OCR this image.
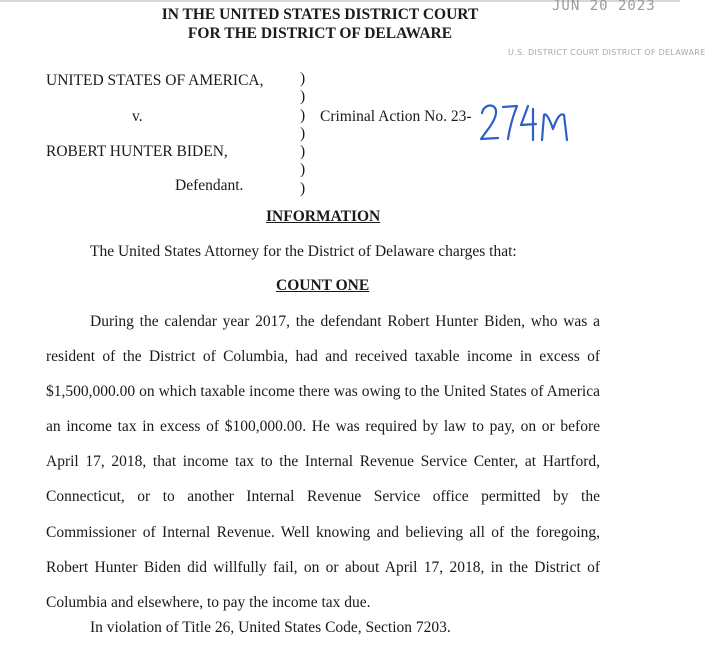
IN THE UNITED STATES DISTRICT COURT
FOR THE DISTRICT OF DELAWARE
JUN 20 2023
U.S. DISTRICT COURT DISTRICT OF DELAWARE
UNITED STATES OF AMERICA,
v.
ROBERT HUNTER BIDEN,
Defendant.
)
)
)
)
)
)
)
Criminal Action No. 23-
INFORMATION
The United States Attorney for the District of Delaware charges that:
COUNT ONE
During the calendar year 2017, the defendant Robert Hunter Biden, who was a resident of the District of Columbia, had and received taxable income in excess of $1,500,000.00 on which taxable income there was owing to the United States of America an income tax in excess of $100,000.00. He was required by law to pay, on or before April 17, 2018, that income tax to the Internal Revenue Service Center, at Hartford, Connecticut, or to another Internal Revenue Service office permitted by the Commissioner of Internal Revenue. Well knowing and believing all of the foregoing, Robert Hunter Biden did willfully fail, on or about April 17, 2018, in the District of Columbia and elsewhere, to pay the income tax due.
In violation of Title 26, United States Code, Section 7203.
